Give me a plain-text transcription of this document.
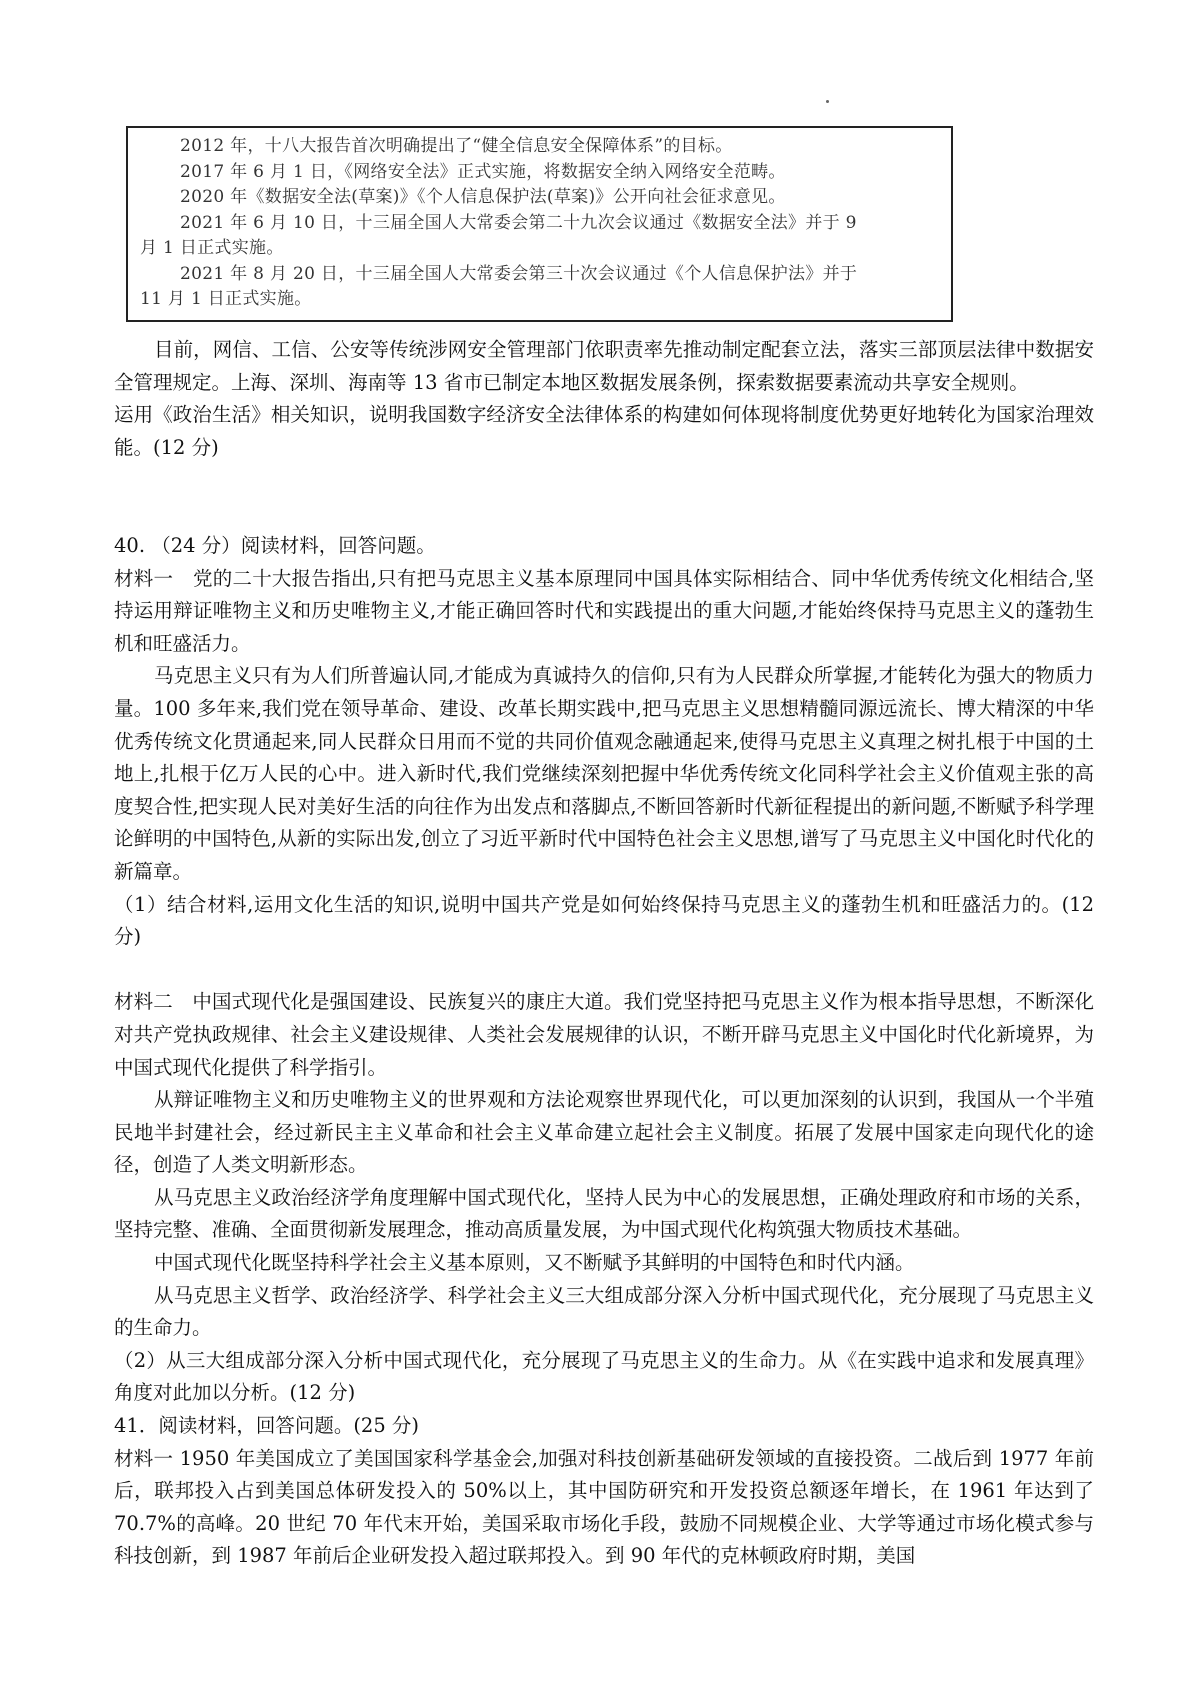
2012 年，十八大报告首次明确提出了“健全信息安全保障体系”的目标。
2017 年 6 月 1 日，《网络安全法》正式实施，将数据安全纳入网络安全范畴。
2020 年《数据安全法(草案)》《个人信息保护法(草案)》公开向社会征求意见。
2021 年 6 月 10 日，十三届全国人大常委会第二十九次会议通过《数据安全法》并于 9
月 1 日正式实施。
2021 年 8 月 20 日，十三届全国人大常委会第三十次会议通过《个人信息保护法》并于
11 月 1 日正式实施。

目前，网信、工信、公安等传统涉网安全管理部门依职责率先推动制定配套立法，落实三部顶层法律中数据安全管理规定。上海、深圳、海南等 13 省市已制定本地区数据发展条例，探索数据要素流动共享安全规则。

运用《政治生活》相关知识，说明我国数字经济安全法律体系的构建如何体现将制度优势更好地转化为国家治理效能。(12 分)

40. （24 分）阅读材料，回答问题。

材料一　党的二十大报告指出,只有把马克思主义基本原理同中国具体实际相结合、同中华优秀传统文化相结合,坚持运用辩证唯物主义和历史唯物主义,才能正确回答时代和实践提出的重大问题,才能始终保持马克思主义的蓬勃生机和旺盛活力。

马克思主义只有为人们所普遍认同,才能成为真诚持久的信仰,只有为人民群众所掌握,才能转化为强大的物质力量。100 多年来,我们党在领导革命、建设、改革长期实践中,把马克思主义思想精髓同源远流长、博大精深的中华优秀传统文化贯通起来,同人民群众日用而不觉的共同价值观念融通起来,使得马克思主义真理之树扎根于中国的土地上,扎根于亿万人民的心中。进入新时代,我们党继续深刻把握中华优秀传统文化同科学社会主义价值观主张的高度契合性,把实现人民对美好生活的向往作为出发点和落脚点,不断回答新时代新征程提出的新问题,不断赋予科学理论鲜明的中国特色,从新的实际出发,创立了习近平新时代中国特色社会主义思想,谱写了马克思主义中国化时代化的新篇章。

（1）结合材料,运用文化生活的知识,说明中国共产党是如何始终保持马克思主义的蓬勃生机和旺盛活力的。(12 分)

材料二　中国式现代化是强国建设、民族复兴的康庄大道。我们党坚持把马克思主义作为根本指导思想，不断深化对共产党执政规律、社会主义建设规律、人类社会发展规律的认识，不断开辟马克思主义中国化时代化新境界，为中国式现代化提供了科学指引。

从辩证唯物主义和历史唯物主义的世界观和方法论观察世界现代化，可以更加深刻的认识到，我国从一个半殖民地半封建社会，经过新民主主义革命和社会主义革命建立起社会主义制度。拓展了发展中国家走向现代化的途径，创造了人类文明新形态。

从马克思主义政治经济学角度理解中国式现代化，坚持人民为中心的发展思想，正确处理政府和市场的关系，坚持完整、准确、全面贯彻新发展理念，推动高质量发展，为中国式现代化构筑强大物质技术基础。

中国式现代化既坚持科学社会主义基本原则，又不断赋予其鲜明的中国特色和时代内涵。

从马克思主义哲学、政治经济学、科学社会主义三大组成部分深入分析中国式现代化，充分展现了马克思主义的生命力。

（2）从三大组成部分深入分析中国式现代化，充分展现了马克思主义的生命力。从《在实践中追求和发展真理》角度对此加以分析。(12 分)

41．阅读材料，回答问题。(25 分)

材料一 1950 年美国成立了美国国家科学基金会,加强对科技创新基础研发领域的直接投资。二战后到 1977 年前后，联邦投入占到美国总体研发投入的 50%以上，其中国防研究和开发投资总额逐年增长，在 1961 年达到了 70.7%的高峰。20 世纪 70 年代末开始，美国采取市场化手段，鼓励不同规模企业、大学等通过市场化模式参与科技创新，到 1987 年前后企业研发投入超过联邦投入。到 90 年代的克林顿政府时期，美国
